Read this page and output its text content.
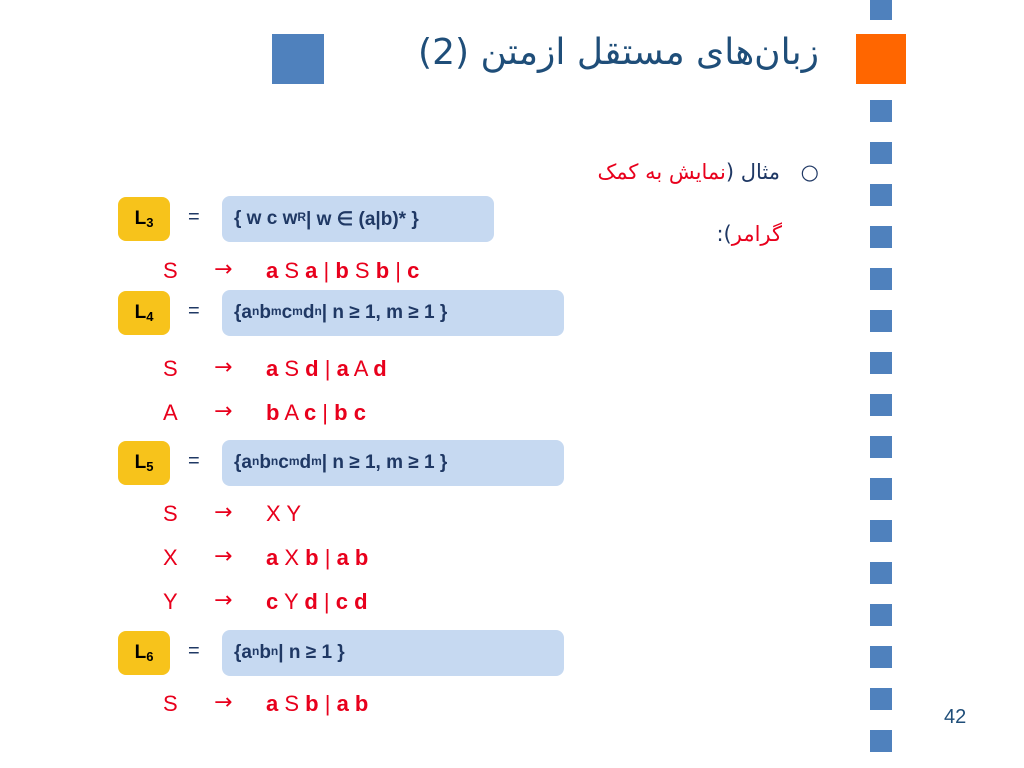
زبان‌های مستقل ازمتن (2)
○ مثال (نمایش به کمک
گرامر):
$L_3$ =	{ w c $w^R$ | w ∈ (a|b)* }
S → a S a | b S b | c
$L_4$ =	{$a^n$ $b^m$ $c^m$ $d^n$ | n ≥ 1, m ≥ 1 }
S → a S d | a A d
A → b A c | b c
$L_5$ =	{$a^n$ $b^n$ $c^m$ $d^m$ | n ≥ 1, m ≥ 1 }
S → X Y
X → a X b | a b
Y → c Y d | c d
$L_6$ =	{$a^n$ $b^n$ | n ≥ 1 }
S → a S b | a b
42
